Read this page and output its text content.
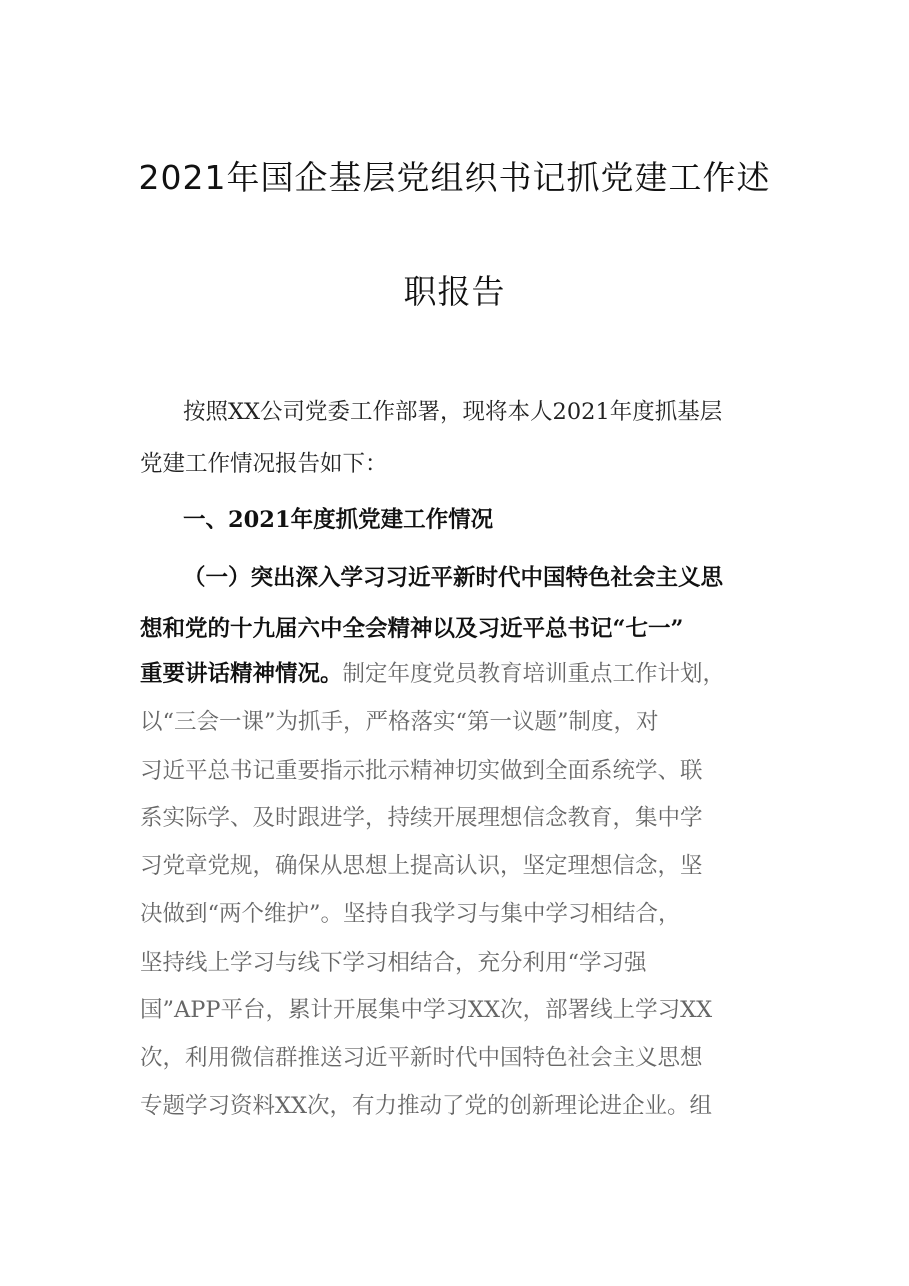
2021年国企基层党组织书记抓党建工作述
职报告
按照XX公司党委工作部署，现将本人2021年度抓基层
党建工作情况报告如下：
一、2021年度抓党建工作情况
（一）突出深入学习习近平新时代中国特色社会主义思
想和党的十九届六中全会精神以及习近平总书记“七一”
重要讲话精神情况。制定年度党员教育培训重点工作计划，
以“三会一课”为抓手，严格落实“第一议题”制度，对
习近平总书记重要指示批示精神切实做到全面系统学、联
系实际学、及时跟进学，持续开展理想信念教育，集中学
习党章党规，确保从思想上提高认识，坚定理想信念，坚
决做到“两个维护”。坚持自我学习与集中学习相结合，
坚持线上学习与线下学习相结合，充分利用“学习强
国”APP平台，累计开展集中学习XX次，部署线上学习XX
次，利用微信群推送习近平新时代中国特色社会主义思想
专题学习资料XX次，有力推动了党的创新理论进企业。组
